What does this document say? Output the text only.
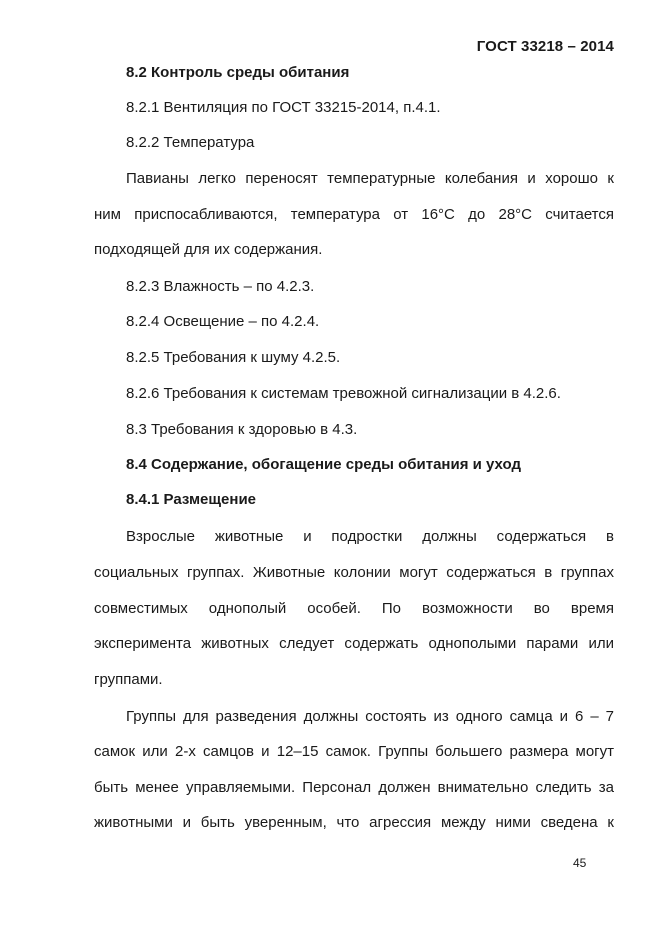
ГОСТ 33218 – 2014

8.2 Контроль среды обитания

8.2.1 Вентиляция по ГОСТ 33215-2014, п.4.1.

8.2.2 Температура

Павианы легко переносят температурные колебания и хорошо к

ним приспосабливаются, температура от 16°С до 28°С считается

подходящей для их содержания.

8.2.3 Влажность – по 4.2.3.

8.2.4 Освещение – по 4.2.4.

8.2.5 Требования к шуму 4.2.5.

8.2.6 Требования к системам тревожной сигнализации в 4.2.6.

8.3 Требования к здоровью в 4.3.

8.4 Содержание, обогащение среды обитания и уход

8.4.1 Размещение

Взрослые животные и подростки должны содержаться в

социальных группах. Животные колонии могут содержаться в группах

совместимых однополый особей. По возможности во время

эксперимента животных следует содержать однополыми парами или

группами.

Группы для разведения должны состоять из одного самца и 6 – 7

самок или 2-х самцов и 12–15 самок. Группы большего размера могут

быть менее управляемыми. Персонал должен внимательно следить за

животными и быть уверенным, что агрессия между ними сведена к

45
